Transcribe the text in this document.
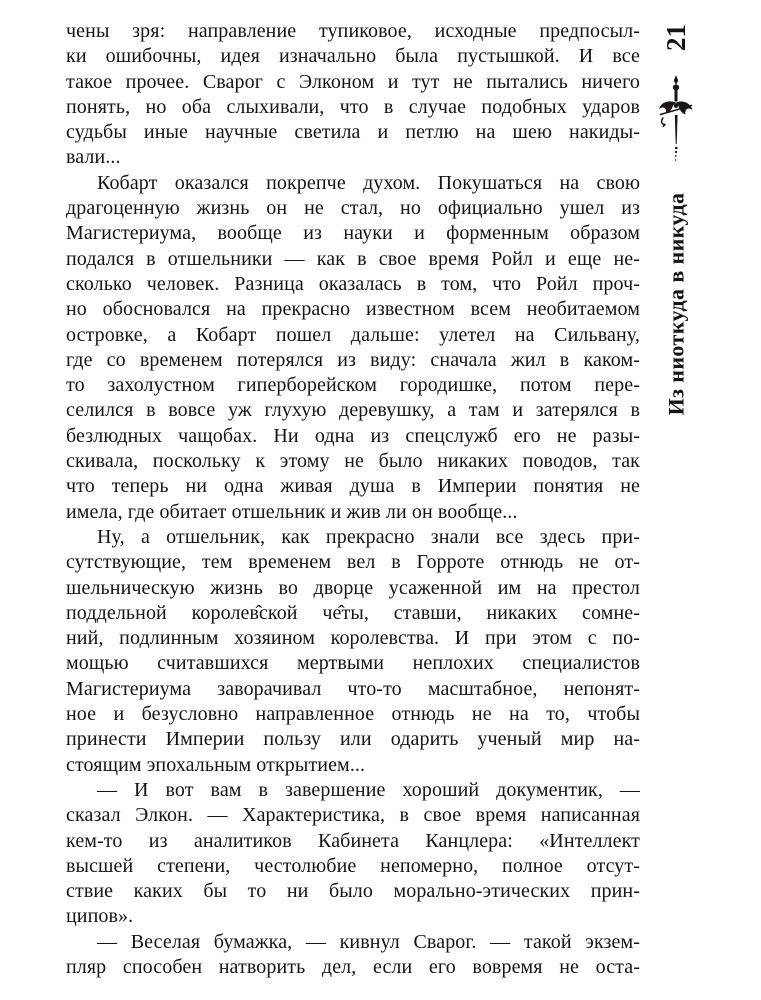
чены зря: направление тупиковое, исходные предпосыл-
ки ошибочны, идея изначально была пустышкой. И все
такое прочее. Сварог с Элконом и тут не пытались ничего
понять, но оба слыхивали, что в случае подобных ударов
судьбы иные научные светила и петлю на шею накиды-
вали...
Кобарт оказался покрепче духом. Покушаться на свою
драгоценную жизнь он не стал, но официально ушел из
Магистериума, вообще из науки и форменным образом
подался в отшельники — как в свое время Ройл и еще не-
сколько человек. Разница оказалась в том, что Ройл проч-
но обосновался на прекрасно известном всем необитаемом
островке, а Кобарт пошел дальше: улетел на Сильвану,
где со временем потерялся из виду: сначала жил в каком-
то захолустном гиперборейском городишке, потом пере-
селился в вовсе уж глухую деревушку, а там и затерялся в
безлюдных чащобах. Ни одна из спецслужб его не разы-
скивала, поскольку к этому не было никаких поводов, так
что теперь ни одна живая душа в Империи понятия не
имела, где обитает отшельник и жив ли он вообще...
Ну, а отшельник, как прекрасно знали все здесь при-
сутствующие, тем временем вел в Горроте отнюдь не от-
шельническую жизнь во дворце усаженной им на престол
поддельной королев̂ской че̂ты, ставши, никаких сомне-
ний, подлинным хозяином королевства. И при этом с по-
мощью считавшихся мертвыми неплохих специалистов
Магистериума заворачивал что-то масштабное, непонят-
ное и безусловно направленное отнюдь не на то, чтобы
принести Империи пользу или одарить ученый мир на-
стоящим эпохальным открытием...
— И вот вам в завершение хороший документик, —
сказал Элкон. — Характеристика, в свое время написанная
кем-то из аналитиков Кабинета Канцлера: «Интеллект
высшей степени, честолюбие непомерно, полное отсут-
ствие каких бы то ни было морально-этических прин-
ципов».
— Веселая бумажка, — кивнул Сварог. — такой экзем-
пляр способен натворить дел, если его вовремя не оста-
21
Из ниоткуда в никуда
